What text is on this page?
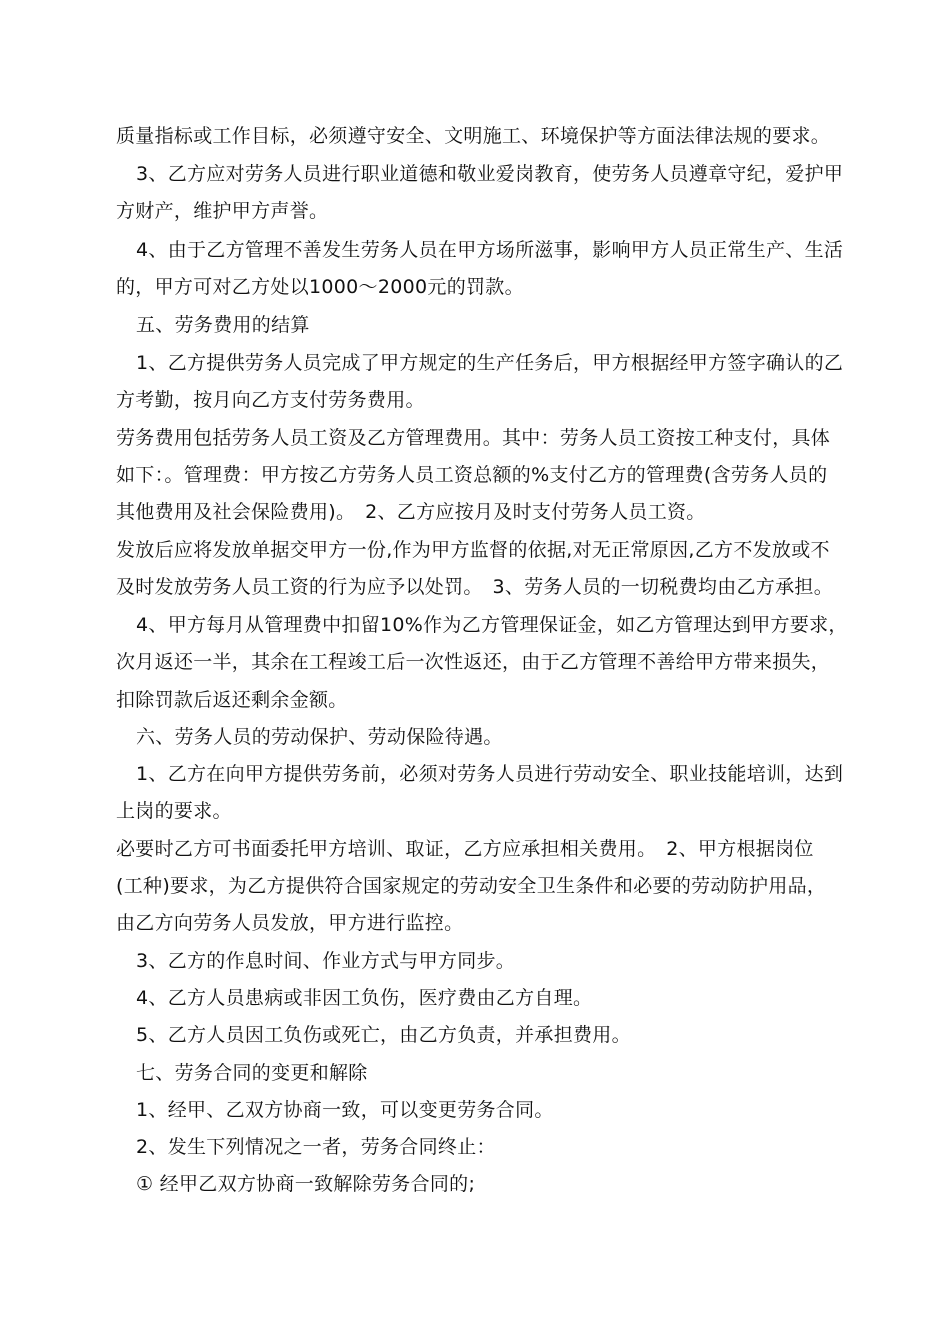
质量指标或工作目标，必须遵守安全、文明施工、环境保护等方面法律法规的要求。
3、乙方应对劳务人员进行职业道德和敬业爱岗教育，使劳务人员遵章守纪，爱护甲
方财产，维护甲方声誉。
4、由于乙方管理不善发生劳务人员在甲方场所滋事，影响甲方人员正常生产、生活
的，甲方可对乙方处以1000～2000元的罚款。
五、劳务费用的结算
1、乙方提供劳务人员完成了甲方规定的生产任务后，甲方根据经甲方签字确认的乙
方考勤，按月向乙方支付劳务费用。
劳务费用包括劳务人员工资及乙方管理费用。其中：劳务人员工资按工种支付，具体
如下：。管理费：甲方按乙方劳务人员工资总额的%支付乙方的管理费(含劳务人员的
其他费用及社会保险费用)。　2、乙方应按月及时支付劳务人员工资。
发放后应将发放单据交甲方一份,作为甲方监督的依据,对无正常原因,乙方不发放或不
及时发放劳务人员工资的行为应予以处罚。　3、劳务人员的一切税费均由乙方承担。
4、甲方每月从管理费中扣留10%作为乙方管理保证金，如乙方管理达到甲方要求，
次月返还一半，其余在工程竣工后一次性返还，由于乙方管理不善给甲方带来损失，
扣除罚款后返还剩余金额。
六、劳务人员的劳动保护、劳动保险待遇。
1、乙方在向甲方提供劳务前，必须对劳务人员进行劳动安全、职业技能培训，达到
上岗的要求。
必要时乙方可书面委托甲方培训、取证，乙方应承担相关费用。　2、甲方根据岗位
(工种)要求，为乙方提供符合国家规定的劳动安全卫生条件和必要的劳动防护用品，
由乙方向劳务人员发放，甲方进行监控。
3、乙方的作息时间、作业方式与甲方同步。
4、乙方人员患病或非因工负伤，医疗费由乙方自理。
5、乙方人员因工负伤或死亡，由乙方负责，并承担费用。
七、劳务合同的变更和解除
1、经甲、乙双方协商一致，可以变更劳务合同。
2、发生下列情况之一者，劳务合同终止：
① 经甲乙双方协商一致解除劳务合同的;
